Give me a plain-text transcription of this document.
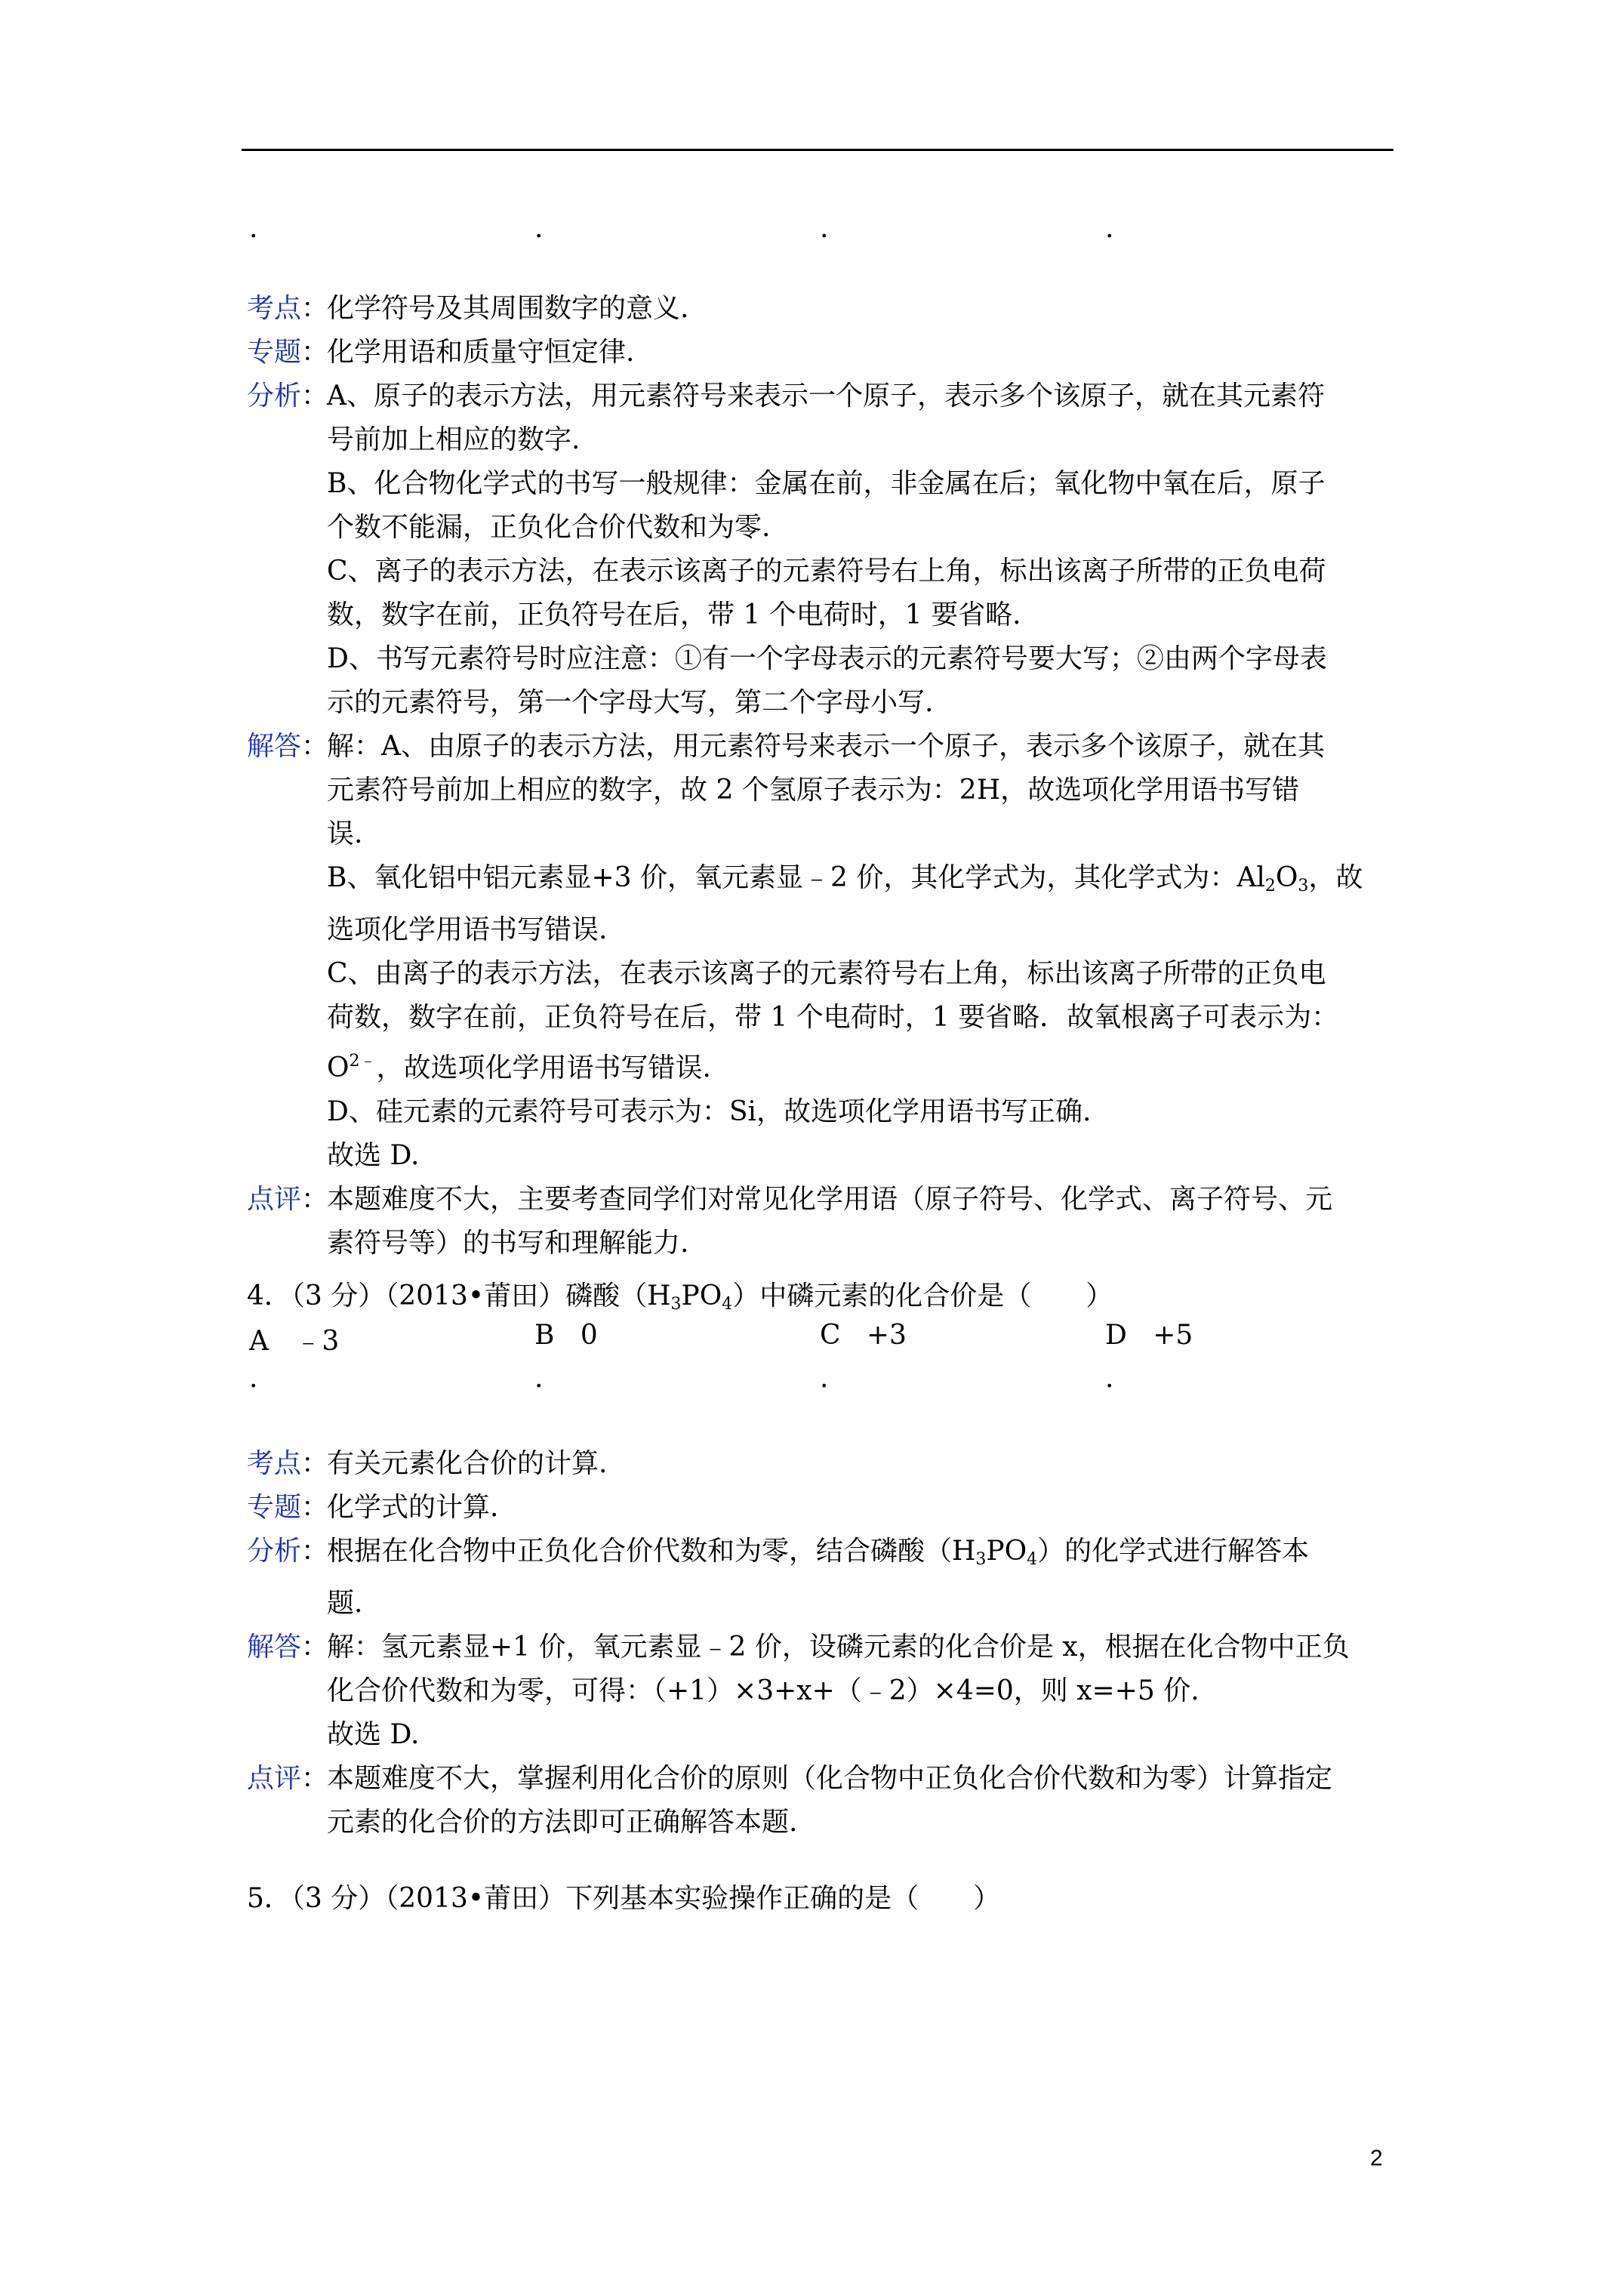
.	.	.	.
考点：
化学符号及其周围数字的意义.
专题：
化学用语和质量守恒定律.
分析：
A、原子的表示方法，用元素符号来表示一个原子，表示多个该原子，就在其元素符
号前加上相应的数字.
B、化合物化学式的书写一般规律：金属在前，非金属在后；氧化物中氧在后，原子
个数不能漏，正负化合价代数和为零.
C、离子的表示方法，在表示该离子的元素符号右上角，标出该离子所带的正负电荷
数，数字在前，正负符号在后，带 1 个电荷时，1 要省略.
D、书写元素符号时应注意：①有一个字母表示的元素符号要大写；②由两个字母表
示的元素符号，第一个字母大写，第二个字母小写.
解答：
解：A、由原子的表示方法，用元素符号来表示一个原子，表示多个该原子，就在其
元素符号前加上相应的数字，故 2 个氢原子表示为：2H，故选项化学用语书写错
误.
B、氧化铝中铝元素显+3 价，氧元素显﹣2 价，其化学式为，其化学式为：$Al_2O_3$，故
选项化学用语书写错误.
C、由离子的表示方法，在表示该离子的元素符号右上角，标出该离子所带的正负电
荷数，数字在前，正负符号在后，带 1 个电荷时，1 要省略．故氧根离子可表示为：
$O^{2﹣}$，故选项化学用语书写错误.
D、硅元素的元素符号可表示为：Si，故选项化学用语书写正确.
故选 D.
点评：
本题难度不大，主要考查同学们对常见化学用语（原子符号、化学式、离子符号、元
素符号等）的书写和理解能力.
4．（3 分）（2013•莆田）磷酸$(H_3PO_4)$中磷元素的化合价是（　　）
A ﹣3	B 0	C +3	D +5
.	.	.	.
考点：
有关元素化合价的计算.
专题：
化学式的计算.
分析：
根据在化合物中正负化合价代数和为零，结合磷酸$(H_3PO_4)$的化学式进行解答本
题.
解答：
解：氢元素显+1 价，氧元素显﹣2 价，设磷元素的化合价是 x，根据在化合物中正负
化合价代数和为零，可得：（+1）×3+x+（﹣2）×4=0，则 x=+5 价.
故选 D.
点评：
本题难度不大，掌握利用化合价的原则（化合物中正负化合价代数和为零）计算指定
元素的化合价的方法即可正确解答本题.
5．（3 分）（2013•莆田）下列基本实验操作正确的是（　　）
2
